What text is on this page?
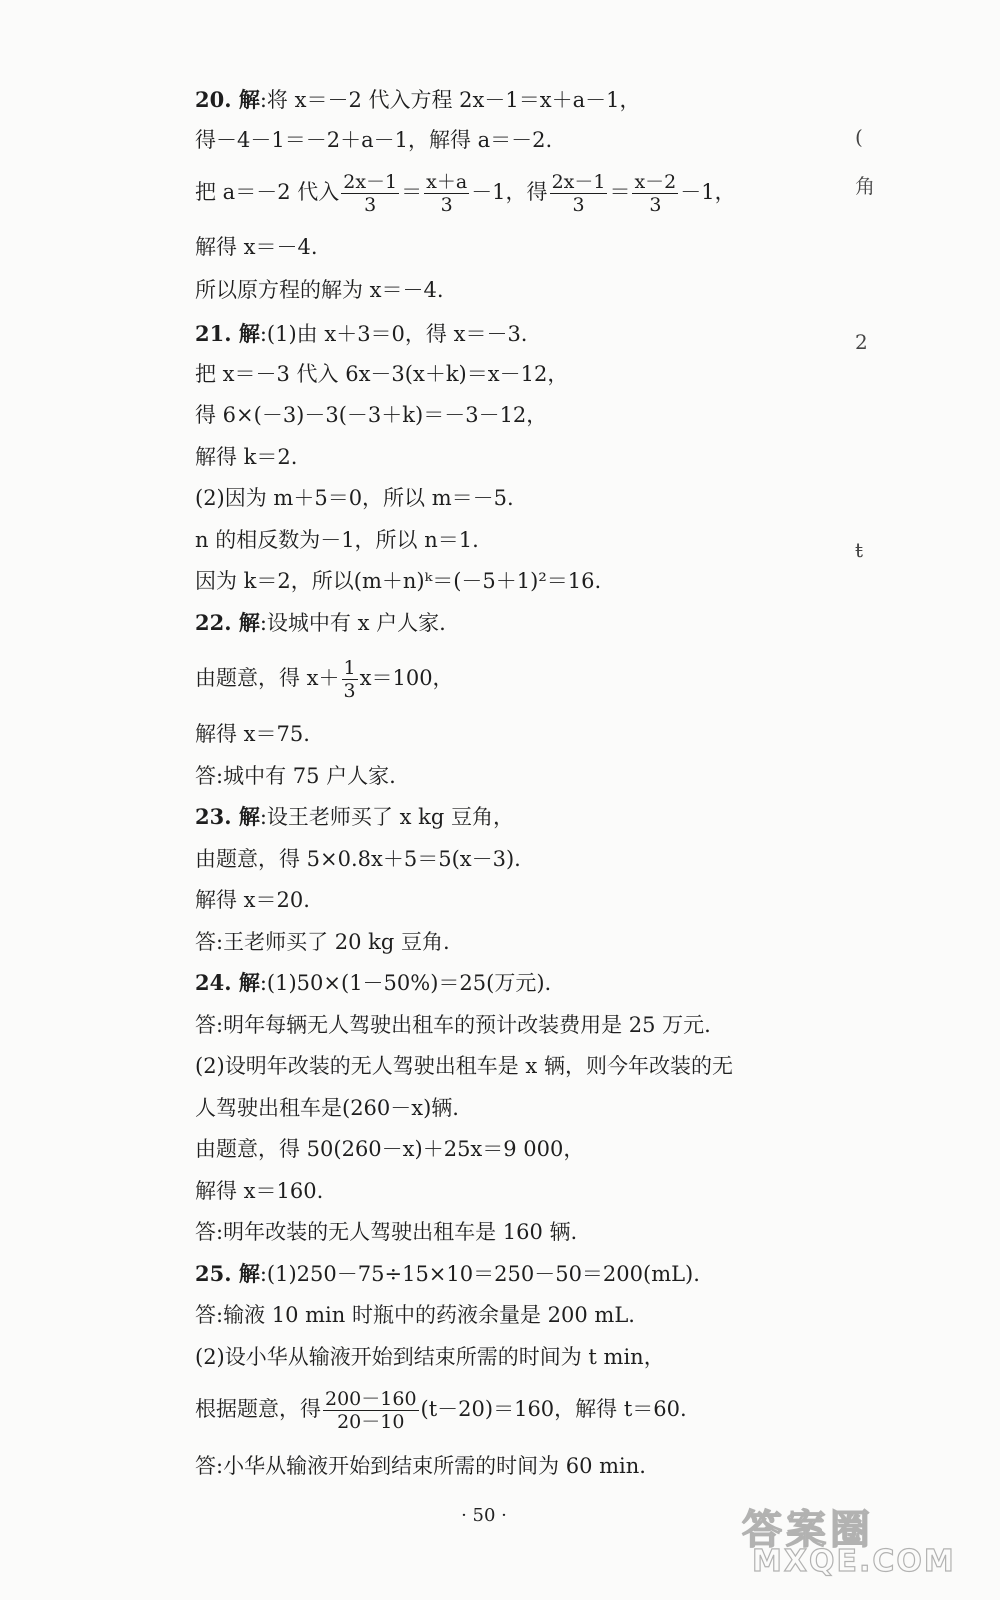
20. 解:将 x＝－2 代入方程 2x－1＝x＋a－1，
得－4－1＝－2＋a－1，解得 a＝－2.
把 a＝－2 代入 $\frac{2x-1}{3} = \frac{x+a}{3} -1$，得 $\frac{2x-1}{3} = \frac{x-2}{3} -1$，
解得 x＝－4.
所以原方程的解为 x＝－4.
21. 解:(1)由 x＋3＝0，得 x＝－3.
把 x＝－3 代入 6x－3(x＋k)＝x－12，
得 6×(－3)－3(－3＋k)＝－3－12，
解得 k＝2.
(2)因为 m＋5＝0，所以 m＝－5.
n 的相反数为－1，所以 n＝1.
因为 k＝2，所以(m＋n)ᵏ＝(－5＋1)²＝16.
22. 解:设城中有 x 户人家.
由题意，得 $x+ \frac{1}{3} x=100$，
解得 x＝75.
答:城中有 75 户人家.
23. 解:设王老师买了 x kg 豆角，
由题意，得 5×0.8x＋5＝5(x－3).
解得 x＝20.
答:王老师买了 20 kg 豆角.
24. 解:(1)50×(1－50%)＝25(万元).
答:明年每辆无人驾驶出租车的预计改装费用是 25 万元.
(2)设明年改装的无人驾驶出租车是 x 辆，则今年改装的无
人驾驶出租车是(260－x)辆.
由题意，得 50(260－x)＋25x＝9 000，
解得 x＝160.
答:明年改装的无人驾驶出租车是 160 辆.
25. 解:(1)250－75÷15×10＝250－50＝200(mL).
答:输液 10 min 时瓶中的药液余量是 200 mL.
(2)设小华从输液开始到结束所需的时间为 t min，
根据题意，得 $\frac{200-160}{20-10} (t-20)=160$，解得 t＝60.
答:小华从输液开始到结束所需的时间为 60 min.
(
角
2
ŧ
· 50 ·	答案圈
MXQE.COM
